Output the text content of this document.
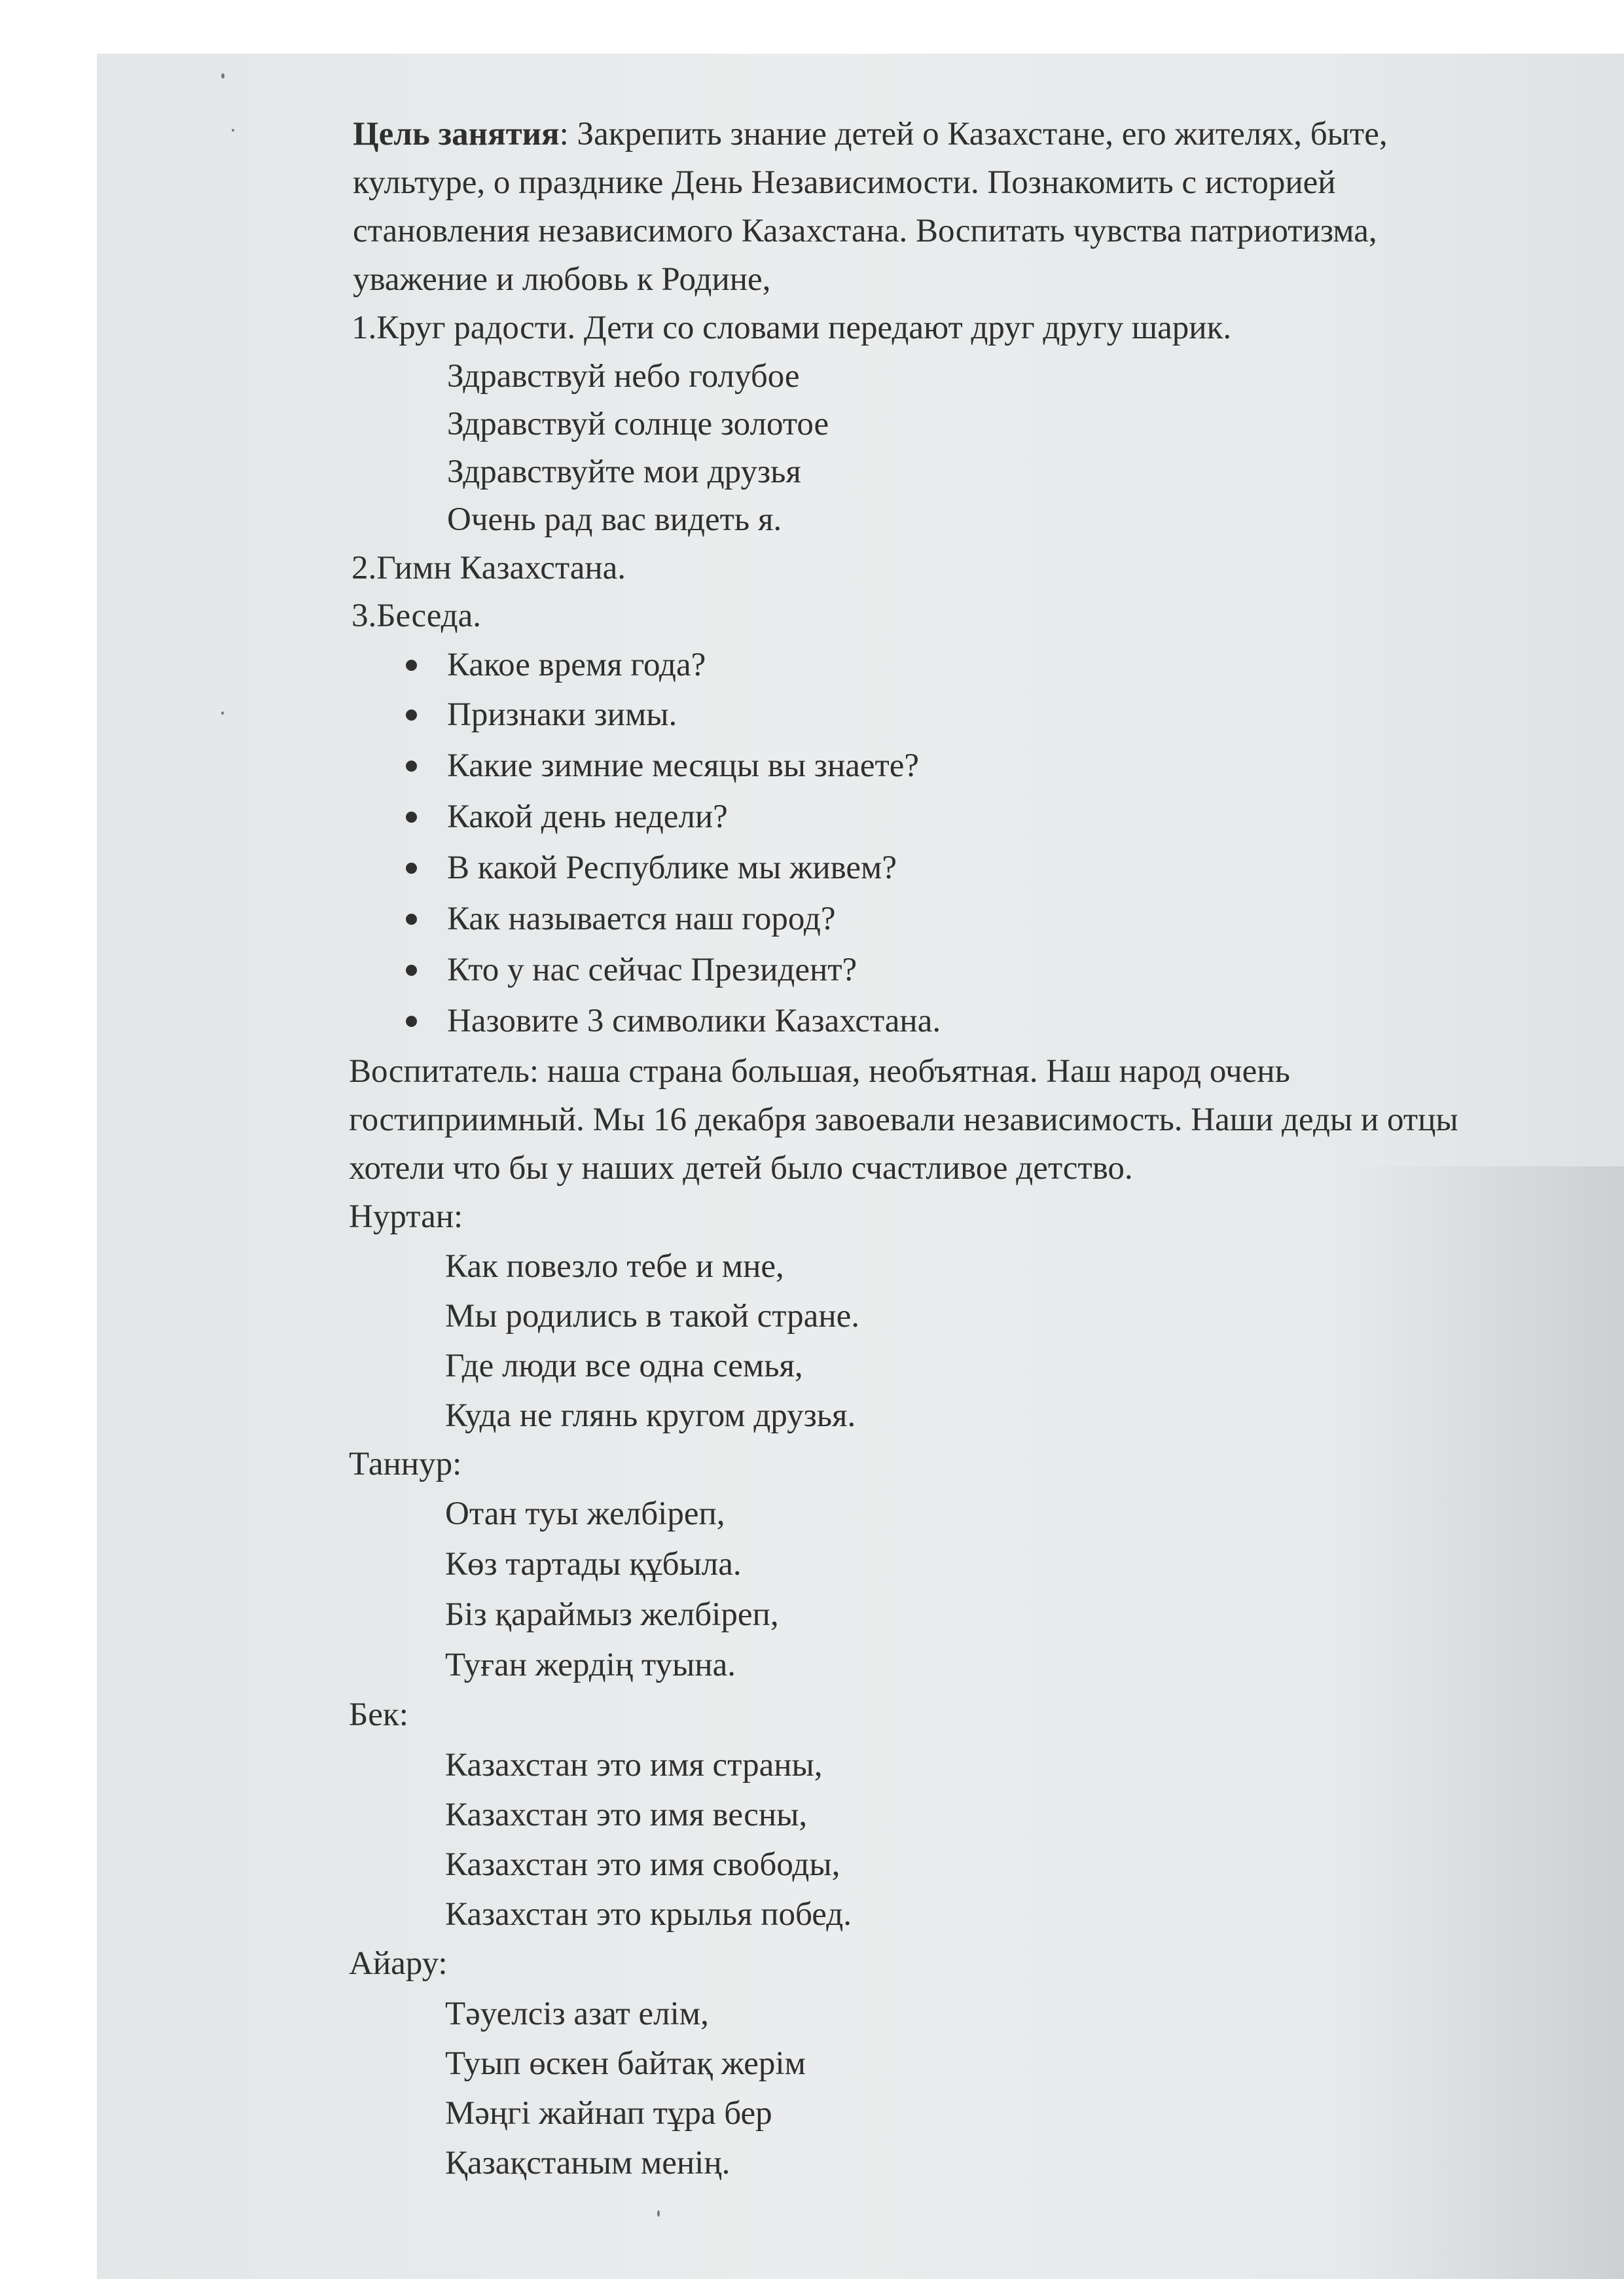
Цель занятия: Закрепить знание детей о Казахстане, его жителях, быте,
культуре, о празднике День Независимости. Познакомить с историей
становления независимого Казахстана. Воспитать чувства патриотизма,
уважение и любовь к Родине,
1.Круг радости. Дети со словами передают друг другу шарик.
Здравствуй небо голубое
Здравствуй солнце золотое
Здравствуйте мои друзья
Очень рад вас видеть я.
2.Гимн Казахстана.
3.Беседа.
Какое время года?
Признаки зимы.
Какие зимние месяцы вы знаете?
Какой день недели?
В какой Республике мы живем?
Как называется наш город?
Кто у нас сейчас Президент?
Назовите 3 символики Казахстана.
Воспитатель: наша страна большая, необъятная. Наш народ очень
гостиприимный. Мы 16 декабря завоевали независимость. Наши деды и отцы
хотели что бы у наших детей было счастливое детство.
Нуртан:
Как повезло тебе и мне,
Мы родились в такой стране.
Где люди все одна семья,
Куда не глянь кругом друзья.
Таннур:
Отан туы желбіреп,
Көз тартады құбыла.
Біз қараймыз желбіреп,
Туған жердің туына.
Бек:
Казахстан это имя страны,
Казахстан это имя весны,
Казахстан это имя свободы,
Казахстан это крылья побед.
Айару:
Тәуелсіз азат елім,
Туып өскен байтақ жерім
Мәңгі жайнап тұра бер
Қазақстаным менің.
